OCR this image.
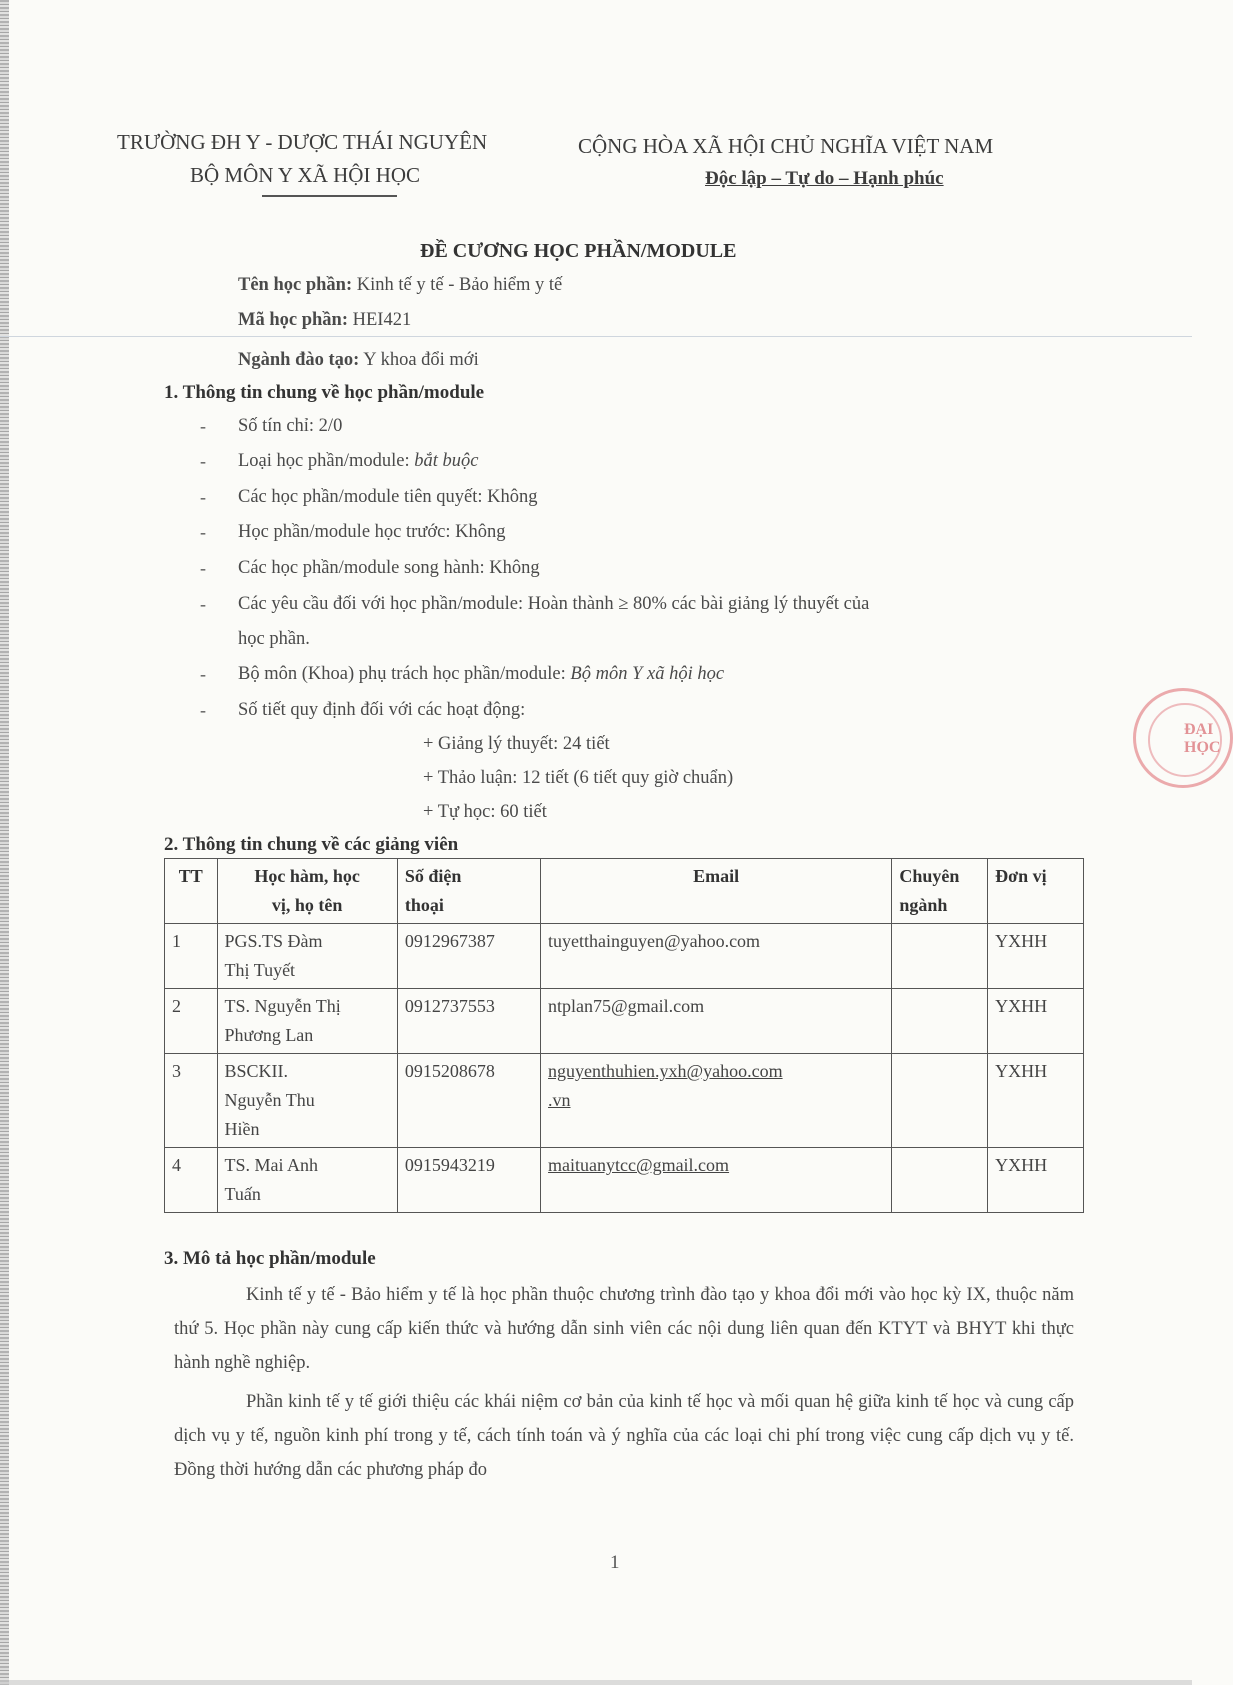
TRƯỜNG ĐH Y - DƯỢC THÁI NGUYÊN
BỘ MÔN Y XÃ HỘI HỌC
CỘNG HÒA XÃ HỘI CHỦ NGHĨA VIỆT NAM
Độc lập – Tự do – Hạnh phúc
ĐỀ CƯƠNG HỌC PHẦN/MODULE
Tên học phần: Kinh tế y tế - Bảo hiểm y tế
Mã học phần: HEI421
Ngành đào tạo: Y khoa đổi mới
1. Thông tin chung về học phần/module
- Số tín chỉ: 2/0
- Loại học phần/module: bắt buộc
- Các học phần/module tiên quyết: Không
- Học phần/module học trước: Không
- Các học phần/module song hành: Không
- Các yêu cầu đối với học phần/module: Hoàn thành ≥ 80% các bài giảng lý thuyết của
học phần.
- Bộ môn (Khoa) phụ trách học phần/module: Bộ môn Y xã hội học
- Số tiết quy định đối với các hoạt động:
+ Giảng lý thuyết: 24 tiết
+ Thảo luận: 12 tiết (6 tiết quy giờ chuẩn)
+ Tự học: 60 tiết
ĐẠI HỌC
2. Thông tin chung về các giảng viên
TT	Học hàm, học
vị, họ tên	Số điện
thoại	Email	Chuyên
ngành	Đơn vị
1	PGS.TS Đàm
Thị Tuyết	0912967387	tuyetthainguyen@yahoo.com		YXHH
2	TS. Nguyễn Thị
Phương Lan	0912737553	ntplan75@gmail.com		YXHH
3	BSCKII.
Nguyễn Thu
Hiền	0915208678	nguyenthuhien.yxh@yahoo.com
.vn		YXHH
4	TS. Mai Anh
Tuấn	0915943219	maituanytcc@gmail.com		YXHH
3. Mô tả học phần/module
Kinh tế y tế - Bảo hiểm y tế là học phần thuộc chương trình đào tạo y khoa đổi mới vào học kỳ IX, thuộc năm thứ 5. Học phần này cung cấp kiến thức và hướng dẫn sinh viên các nội dung liên quan đến KTYT và BHYT khi thực hành nghề nghiệp.
Phần kinh tế y tế giới thiệu các khái niệm cơ bản của kinh tế học và mối quan hệ giữa kinh tế học và cung cấp dịch vụ y tế, nguồn kinh phí trong y tế, cách tính toán và ý nghĩa của các loại chi phí trong việc cung cấp dịch vụ y tế. Đồng thời hướng dẫn các phương pháp đo
1
